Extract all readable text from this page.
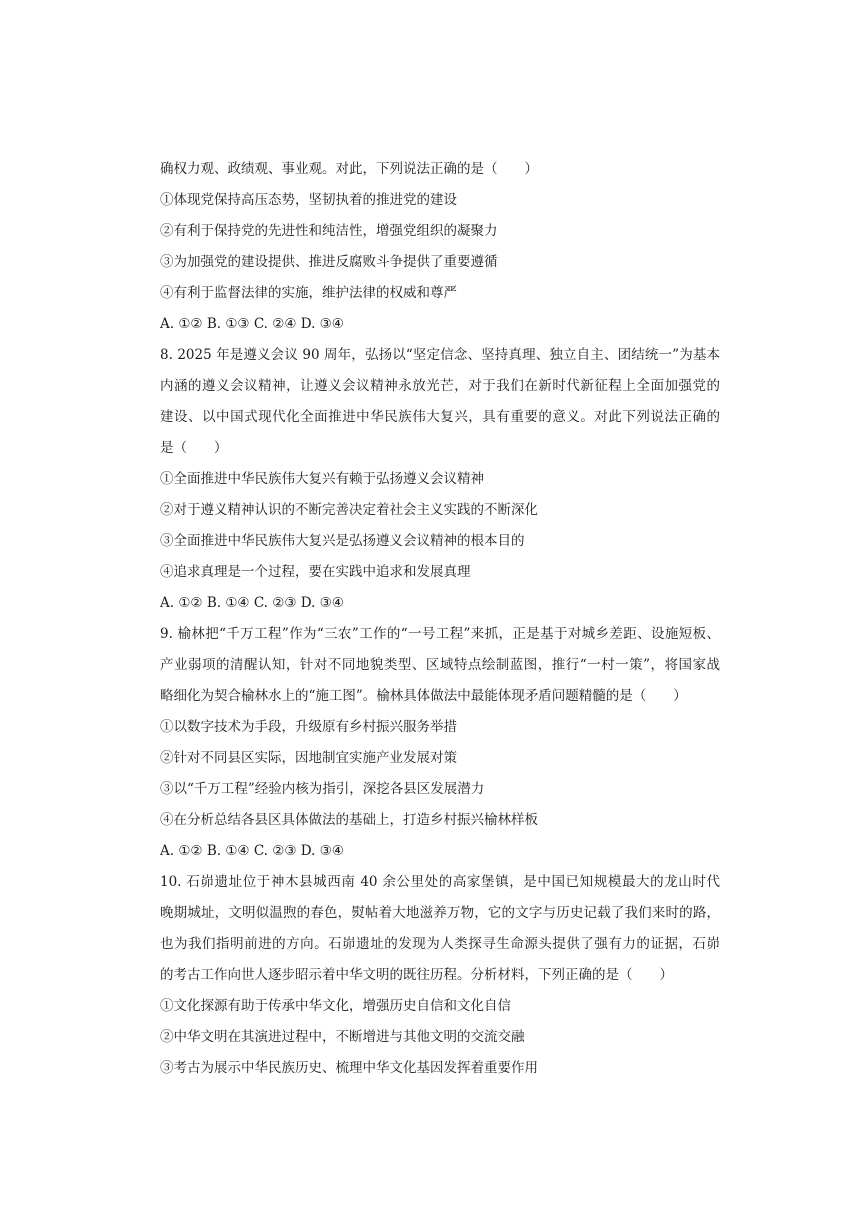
确权力观、政绩观、事业观。对此，下列说法正确的是（　　）
①体现党保持高压态势，坚韧执着的推进党的建设
②有利于保持党的先进性和纯洁性，增强党组织的凝聚力
③为加强党的建设提供、推进反腐败斗争提供了重要遵循
④有利于监督法律的实施，维护法律的权威和尊严
A. ①② B. ①③ C. ②④ D. ③④
8. 2025 年是遵义会议 90 周年，弘扬以“坚定信念、坚持真理、独立自主、团结统一”为基本
内涵的遵义会议精神，让遵义会议精神永放光芒，对于我们在新时代新征程上全面加强党的
建设、以中国式现代化全面推进中华民族伟大复兴，具有重要的意义。对此下列说法正确的
是（　　）
①全面推进中华民族伟大复兴有赖于弘扬遵义会议精神
②对于遵义精神认识的不断完善决定着社会主义实践的不断深化
③全面推进中华民族伟大复兴是弘扬遵义会议精神的根本目的
④追求真理是一个过程，要在实践中追求和发展真理
A. ①② B. ①④ C. ②③ D. ③④
9. 榆林把“千万工程”作为“三农”工作的“一号工程”来抓，正是基于对城乡差距、设施短板、
产业弱项的清醒认知，针对不同地貌类型、区域特点绘制蓝图，推行“一村一策”，将国家战
略细化为契合榆林水上的“施工图”。榆林具体做法中最能体现矛盾问题精髓的是（　　）
①以数字技术为手段，升级原有乡村振兴服务举措
②针对不同县区实际，因地制宜实施产业发展对策
③以“千万工程”经验内核为指引，深挖各县区发展潜力
④在分析总结各县区具体做法的基础上，打造乡村振兴榆林样板
A. ①② B. ①④ C. ②③ D. ③④
10. 石峁遗址位于神木县城西南 40 余公里处的高家堡镇，是中国已知规模最大的龙山时代
晚期城址，文明似温煦的春色，熨帖着大地滋养万物，它的文字与历史记载了我们来时的路，
也为我们指明前进的方向。石峁遗址的发现为人类探寻生命源头提供了强有力的证据，石峁
的考古工作向世人逐步昭示着中华文明的既往历程。分析材料，下列正确的是（　　）
①文化探源有助于传承中华文化，增强历史自信和文化自信
②中华文明在其演进过程中，不断增进与其他文明的交流交融
③考古为展示中华民族历史、梳理中华文化基因发挥着重要作用
